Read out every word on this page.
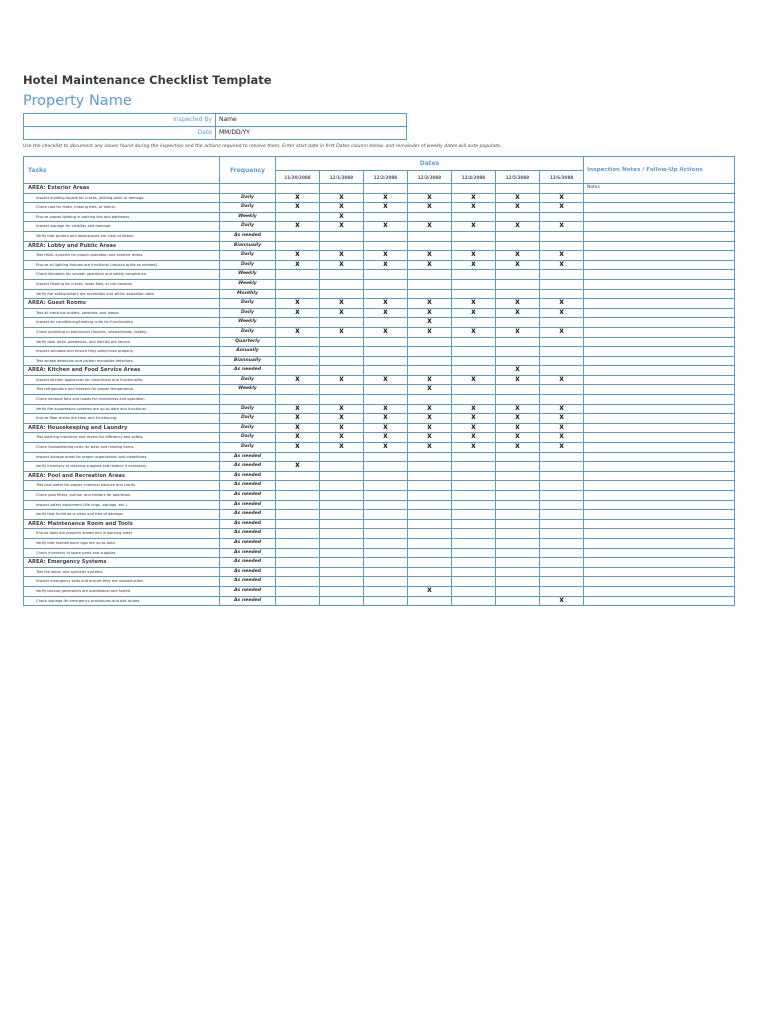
Hotel Maintenance Checklist Template
Property Name
Inspected By	Name
Date	MM/DD/YY
Use the checklist to document any issues found during the inspection and the actions required to resolve them. Enter start date in first Dates column below, and remainder of weekly dates will auto-populate.
Tasks	Frequency	Dates							Inspection Notes / Follow-Up Actions
		11/30/2088	12/1/2088	12/2/2088	12/3/2088	12/4/2088	12/5/2088	12/6/2088	
AREA: Exterior Areas									Notes
Inspect building façade for cracks, peeling paint or damage.	Daily	X	X	X	X	X	X	X	
Check roof for leaks, missing tiles, or debris.	Daily	X	X	X	X	X	X	X	
Ensure proper lighting in parking lots and pathways.	Weekly		X						
Inspect signage for visibility and damage.	Daily	X	X	X	X	X	X	X	
Verify that gutters and downspouts are clear of debris.	As needed								
AREA: Lobby and Public Areas	Biannually								
Test HVAC systems for proper operation and comfort levels.	Daily	X	X	X	X	X	X	X	
Ensure all lighting fixtures are functional (replace bulbs as needed).	Daily	X	X	X	X	X	X	X	
Check elevators for smooth operation and safety compliance.	Weekly								
Inspect flooring for cracks, loose tiles, or trip hazards.	Weekly								
Verify fire extinguishers are accessible and within expiration date.	Monthly								
AREA: Guest Rooms	Daily	X	X	X	X	X	X	X	
Test all electrical outlets, switches, and lamps.	Daily	X	X	X	X	X	X	X	
Inspect air conditioning/heating units for functionality.	Weekly				X				
Check plumbing in bathrooms (faucets, showerheads, toilets).	Daily	X	X	X	X	X	X	X	
Verify door locks, peepholes, and latches are secure.	Quarterly								
Inspect windows and ensure they open/close properly.	Annually								
Test smoke detectors and carbon monoxide detectors.	Biannually								
AREA: Kitchen and Food Service Areas	As needed						X		
Inspect kitchen appliances for cleanliness and functionality.	Daily	X	X	X	X	X	X	X	
Test refrigerators and freezers for proper temperature.	Weekly				X				
Check exhaust fans and hoods for cleanliness and operation.									
Verify fire suppression systems are up-to-date and functional.	Daily	X	X	X	X	X	X	X	
Ensure floor drains are clear and functioning.	Daily	X	X	X	X	X	X	X	
AREA: Housekeeping and Laundry	Daily	X	X	X	X	X	X	X	
Test washing machines and dryers for efficiency and safety.	Daily	X	X	X	X	X	X	X	
Check housekeeping carts for wear and missing items.	Daily	X	X	X	X	X	X	X	
Inspect storage areas for proper organization and cleanliness.	As needed								
Verify inventory of cleaning supplies and restock if necessary.	As needed	X							
AREA: Pool and Recreation Areas	As needed								
Test pool water for proper chemical balance and clarity.	As needed								
Check pool filters, pumps, and heaters for operation.	As needed								
Inspect safety equipment (life rings, signage, etc.).	As needed								
Verify that furniture is clean and free of damage.	As needed								
AREA: Maintenance Room and Tools	As needed								
Ensure tools are properly stored and in working order.	As needed								
Verify that maintenance logs are up-to-date.	As needed								
Check inventory of spare parts and supplies.	As needed								
AREA: Emergency Systems	As needed								
Test fire alarm and sprinkler systems.	As needed								
Inspect emergency exits and ensure they are unobstructed.	As needed								
Verify backup generators are operational and fueled.	As needed				X				
Check signage for emergency procedures and exit routes.	As needed							X	
